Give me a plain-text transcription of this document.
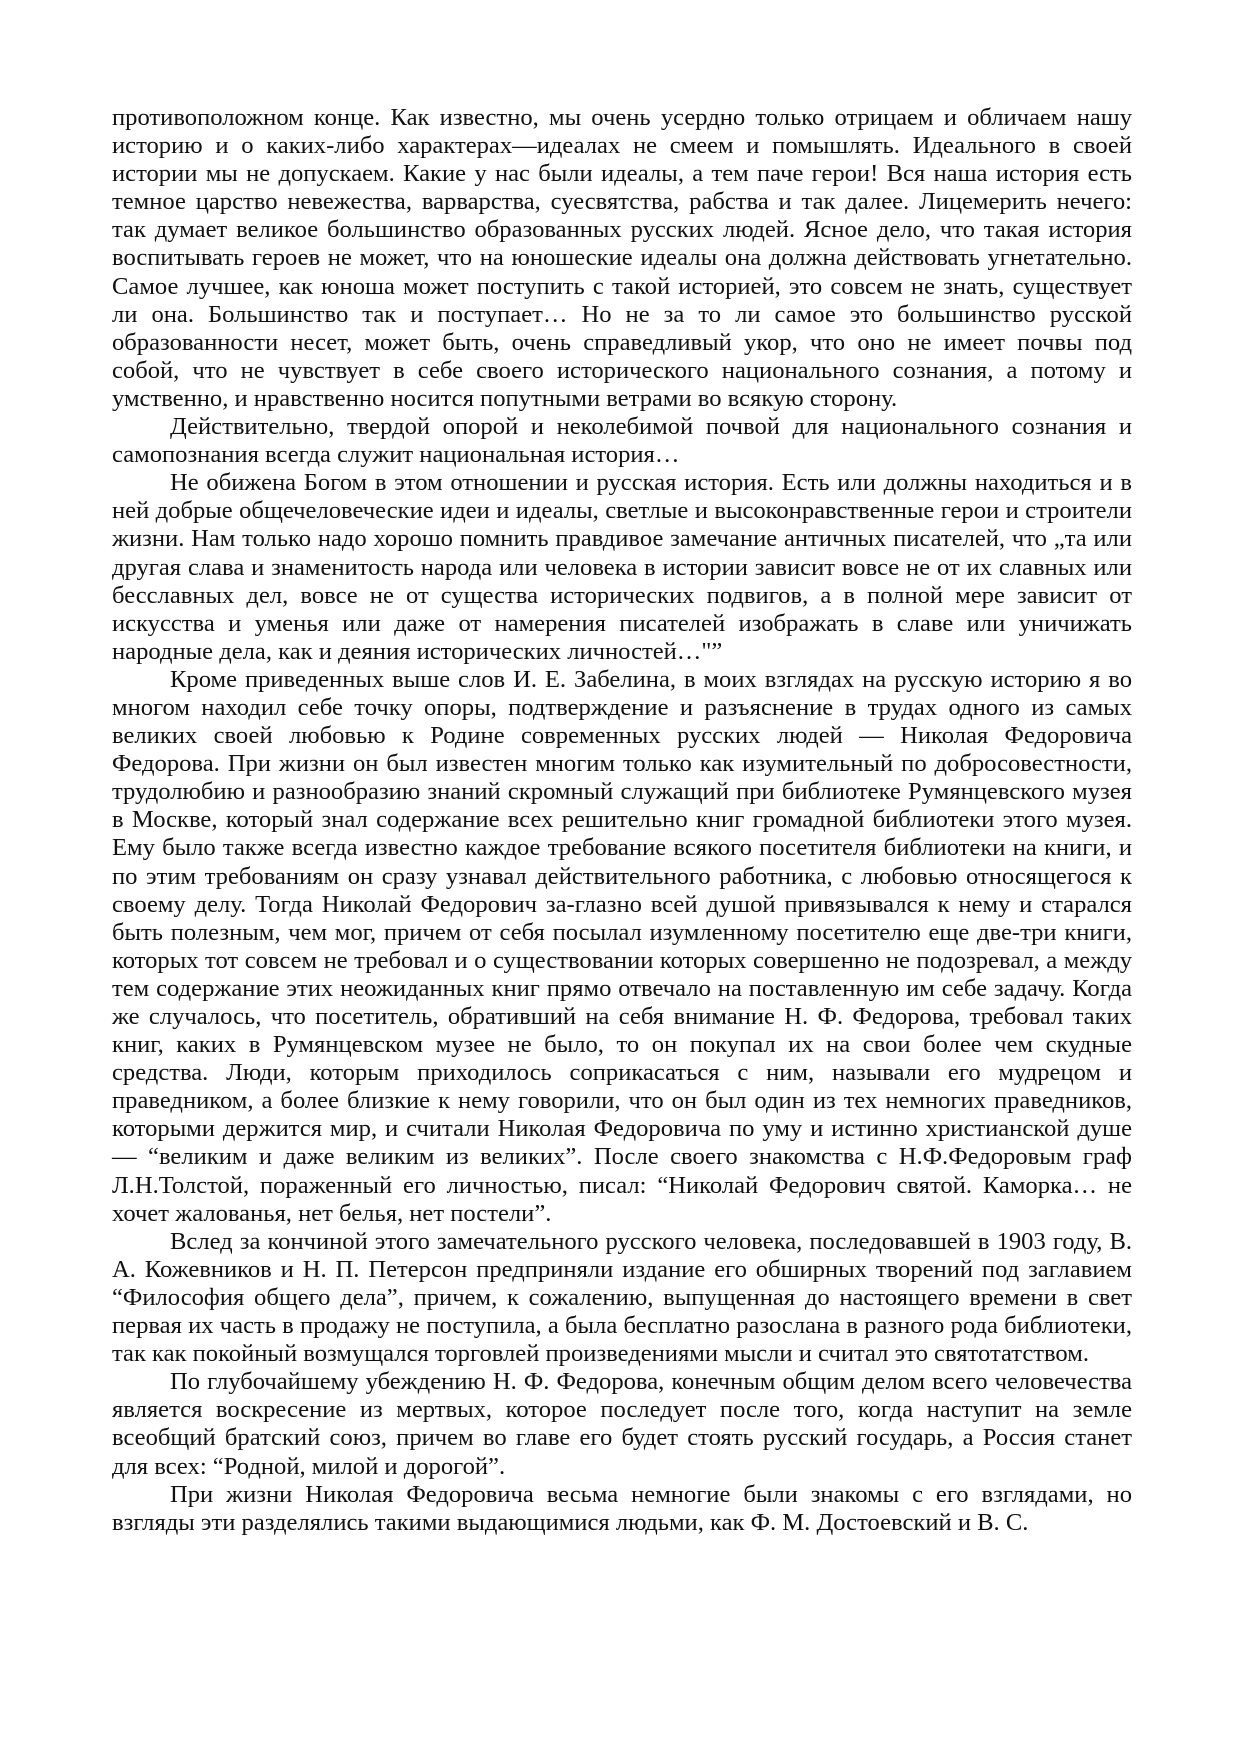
противоположном конце. Как известно, мы очень усердно только отрицаем и обличаем нашу историю и о каких-либо характерах—идеалах не смеем и помышлять. Идеального в своей истории мы не допускаем. Какие у нас были идеалы, а тем паче герои! Вся наша история есть темное царство невежества, варварства, суесвятства, рабства и так далее. Лицемерить нечего: так думает великое большинство образованных русских людей. Ясное дело, что такая история воспитывать героев не может, что на юношеские идеалы она должна действовать угнетательно. Самое лучшее, как юноша может поступить с такой историей, это совсем не знать, существует ли она. Большинство так и поступает… Но не за то ли самое это большинство русской образованности несет, может быть, очень справедливый укор, что оно не имеет почвы под собой, что не чувствует в себе своего исторического национального сознания, а потому и умственно, и нравственно носится попутными ветрами во всякую сторону.

Действительно, твердой опорой и неколебимой почвой для национального сознания и самопознания всегда служит национальная история…

Не обижена Богом в этом отношении и русская история. Есть или должны находиться и в ней добрые общечеловеческие идеи и идеалы, светлые и высоконравственные герои и строители жизни. Нам только надо хорошо помнить правдивое замечание античных писателей, что „та или другая слава и знаменитость народа или человека в истории зависит вовсе не от их славных или бесславных дел, вовсе не от существа исторических подвигов, а в полной мере зависит от искусства и уменья или даже от намерения писателей изображать в славе или уничижать народные дела, как и деяния исторических личностей…"”

Кроме приведенных выше слов И. Е. Забелина, в моих взглядах на русскую историю я во многом находил себе точку опоры, подтверждение и разъяснение в трудах одного из самых великих своей любовью к Родине современных русских людей — Николая Федоровича Федорова. При жизни он был известен многим только как изумительный по добросовестности, трудолюбию и разнообразию знаний скромный служащий при библиотеке Румянцевского музея в Москве, который знал содержание всех решительно книг громадной библиотеки этого музея. Ему было также всегда известно каждое требование всякого посетителя библиотеки на книги, и по этим требованиям он сразу узнавал действительного работника, с любовью относящегося к своему делу. Тогда Николай Федорович за-глазно всей душой привязывался к нему и старался быть полезным, чем мог, причем от себя посылал изумленному посетителю еще две-три книги, которых тот совсем не требовал и о существовании которых совершенно не подозревал, а между тем содержание этих неожиданных книг прямо отвечало на поставленную им себе задачу. Когда же случалось, что посетитель, обративший на себя внимание Н. Ф. Федорова, требовал таких книг, каких в Румянцевском музее не было, то он покупал их на свои более чем скудные средства. Люди, которым приходилось соприкасаться с ним, называли его мудрецом и праведником, а более близкие к нему говорили, что он был один из тех немногих праведников, которыми держится мир, и считали Николая Федоровича по уму и истинно христианской душе — “великим и даже великим из великих”. После своего знакомства с Н.Ф.Федоровым граф Л.Н.Толстой, пораженный его личностью, писал: “Николай Федорович святой. Каморка… не хочет жалованья, нет белья, нет постели”.

Вслед за кончиной этого замечательного русского человека, последовавшей в 1903 году, В. А. Кожевников и Н. П. Петерсон предприняли издание его обширных творений под заглавием “Философия общего дела”, причем, к сожалению, выпущенная до настоящего времени в свет первая их часть в продажу не поступила, а была бесплатно разослана в разного рода библиотеки, так как покойный возмущался торговлей произведениями мысли и считал это святотатством.

По глубочайшему убеждению Н. Ф. Федорова, конечным общим делом всего человечества является воскресение из мертвых, которое последует после того, когда наступит на земле всеобщий братский союз, причем во главе его будет стоять русский государь, а Россия станет для всех: “Родной, милой и дорогой”.

При жизни Николая Федоровича весьма немногие были знакомы с его взглядами, но взгляды эти разделялись такими выдающимися людьми, как Ф. М. Достоевский и В. С.
